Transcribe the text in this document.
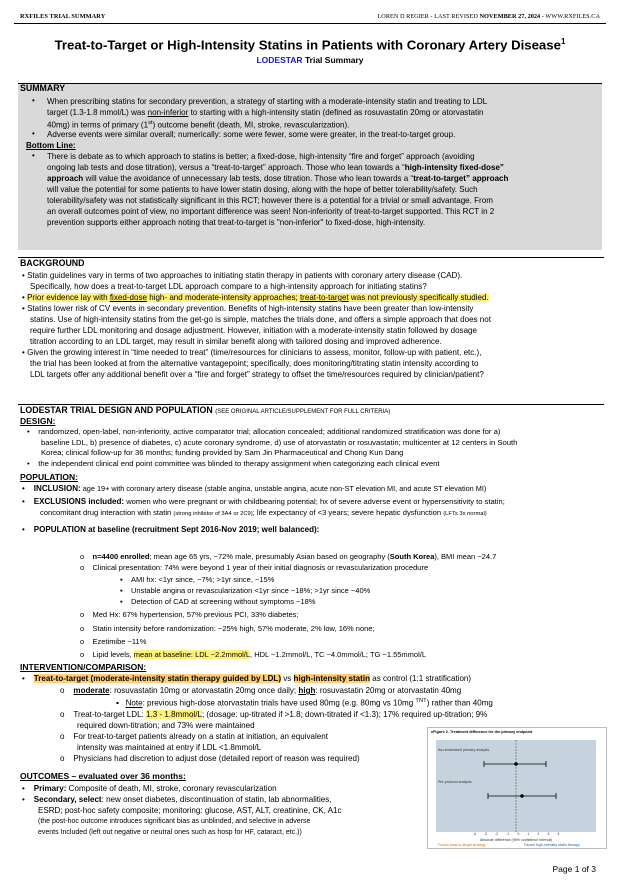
RXFILES TRIAL SUMMARY	LOREN D REGIER - LAST REVISED NOVEMBER 27, 2024 - WWW.RXFILES.CA
Treat-to-Target or High-Intensity Statins in Patients with Coronary Artery Disease$^1$
LODESTAR Trial Summary
SUMMARY
• When prescribing statins for secondary prevention, a strategy of starting with a moderate-intensity statin and treating to LDL

target (1.3-1.8 mmol/L) was non-inferior to starting with a high-intensity statin (defined as rosuvastatin 20mg or atorvastatin

40mg) in terms of primary (1st) outcome benefit (death, MI, stroke, revascularization).

• Adverse events were similar overall; numerically: some were fewer, some were greater, in the treat-to-target group.
Bottom Line:
• There is debate as to which approach to statins is better; a fixed-dose, high-intensity “fire and forget” approach (avoiding

ongoing lab tests and dose titration), versus a “treat-to-target” approach. Those who lean towards a “high-intensity fixed-dose”

approach will value the avoidance of unnecessary lab tests, dose titration. Those who lean towards a “treat-to-target” approach

will value the potential for some patients to have lower statin dosing, along with the hope of better tolerability/safety. Such

tolerability/safety was not statistically significant in this RCT; however there is a potential for a trivial or small advantage. From

an overall outcomes point of view, no important difference was seen! Non-inferiority of treat-to-target supported. This RCT in 2

prevention supports either approach noting that treat-to-target is "non-inferior" to fixed-dose, high-intensity.

BACKGROUND

• Statin guidelines vary in terms of two approaches to initiating statin therapy in patients with coronary artery disease (CAD).

Specifically, how does a treat-to-target LDL approach compare to a high-intensity approach for initiating statins?

• Prior evidence lay with fixed-dose high- and moderate-intensity approaches; treat-to-target was not previously specifically studied.

• Statins lower risk of CV events in secondary prevention. Benefits of high-intensity statins have been greater than low-intensity

statins. Use of high-intensity statins from the get-go is simple, matches the trials done, and offers a simple approach that does not

require further LDL monitoring and dosage adjustment. However, initiation with a moderate-intensity statin followed by dosage

titration according to an LDL target, may result in similar benefit along with tailored dosing and improved adherence.

• Given the growing interest in “time needed to treat” (time/resources for clinicians to assess, monitor, follow-up with patient, etc.),

the trial has been looked at from the alternative vantagepoint; specifically, does monitoring/titrating statin intensity according to

LDL targets offer any additional benefit over a “fire and forget” strategy to offset the time/resources required by clinician/patient?

LODESTAR TRIAL DESIGN AND POPULATION (SEE ORIGINAL ARTICLE/SUPPLEMENT FOR FULL CRITERIA)
DESIGN:

•    randomized, open-label, non-inferiority, active comparator trial; allocation concealed; additional randomized stratification was done for a)

baseline LDL, b) presence of diabetes, c) acute coronary syndrome, d) use of atorvastatin or rosuvastatin; multicenter at 12 centers in South

Korea; clinical follow-up for 36 months; funding provided by Sam Jin Pharmaceutical and Chong Kun Dang

•    the independent clinical end point committee was blinded to therapy assignment when categorizing each clinical event

POPULATION:

•    INCLUSION: age 19+ with coronary artery disease (stable angina, unstable angina, acute non-ST elevation MI, and acute ST elevation MI)

•    EXCLUSIONS included: women who were pregnant or with childbearing potential; hx of severe adverse event or hypersensitivity to statin;

concomitant drug interaction with statin (strong inhibitor of 3A4 or 2C9); life expectancy of <3 years; severe hepatic dysfunction (LFTs 3x normal)

•    POPULATION at baseline (recruitment Sept 2016-Nov 2019; well balanced):

o    n=4400 enrolled; mean age 65 yrs, ~72% male, presumably Asian based on geography (South Korea), BMI mean ~24.7

o    Clinical presentation: 74% were beyond 1 year of their initial diagnosis or revascularization procedure

▪    AMI hx: <1yr since, ~7%; >1yr since, ~15%

▪    Unstable angina or revascularization <1yr since ~18%; >1yr since ~40%

▪    Detection of CAD at screening without symptoms ~18%

o    Med Hx: 67% hypertension, 57% previous PCI, 33% diabetes;

o    Statin intensity before randomization: ~25% high, 57% moderate, 2% low, 16% none;

o    Ezetimibe ~11%

o    Lipid levels, mean at baseline: LDL ~2.2mmol/L, HDL ~1.2mmol/L, TC ~4.0mmol/L; TG ~1.55mmol/L

INTERVENTION/COMPARISON:

•    Treat-to-target (moderate-intensity statin therapy guided by LDL) vs high-intensity statin as control (1:1 stratification)

o    moderate: rosuvastatin 10mg or atorvastatin 20mg once daily; high: rosuvastatin 20mg or atorvastatin 40mg

▪   Note: previous high-dose atorvastatin trials have used 80mg (e.g. 80mg vs 10mg $^{TNT}$) rather than 40mg

o    Treat-to-target LDL: 1.3 - 1.8mmol/L; (dosage: up-titrated if >1.8; down-titrated if <1.3); 17% required up-titration; 9%

required down-titration; and 73% were maintained

o    For treat-to-target patients already on a statin at initiation, an equivalent

intensity was maintained at entry if LDL <1.8mmol/L

o    Physicians had discretion to adjust dose (detailed report of reason was required)

OUTCOMES – evaluated over 36 months:

•    Primary: Composite of death, MI, stroke, coronary revascularization

•    Secondary, select: new onset diabetes, discontinuation of statin, lab abnormalities,

ESRD; post-hoc safety composite; monitoring: glucose, AST, ALT, creatinine, CK, A1c

(the post-hoc outcome introduces significant bias as unblinded, and selective in adverse

events Included (left out negative or neutral ones such as hosp for HF, cataract, etc.))

eFigure 2. Treatment difference for the primary endpoint
As-randomized primary analysis
Per-protocol analysis
-4 -3 -2 -1 0 1 2 3 4
Absolute difference (95% confidence interval)
Favors treat-to-target strategy	Favors high-intensity statin therapy
Page 1 of 3
